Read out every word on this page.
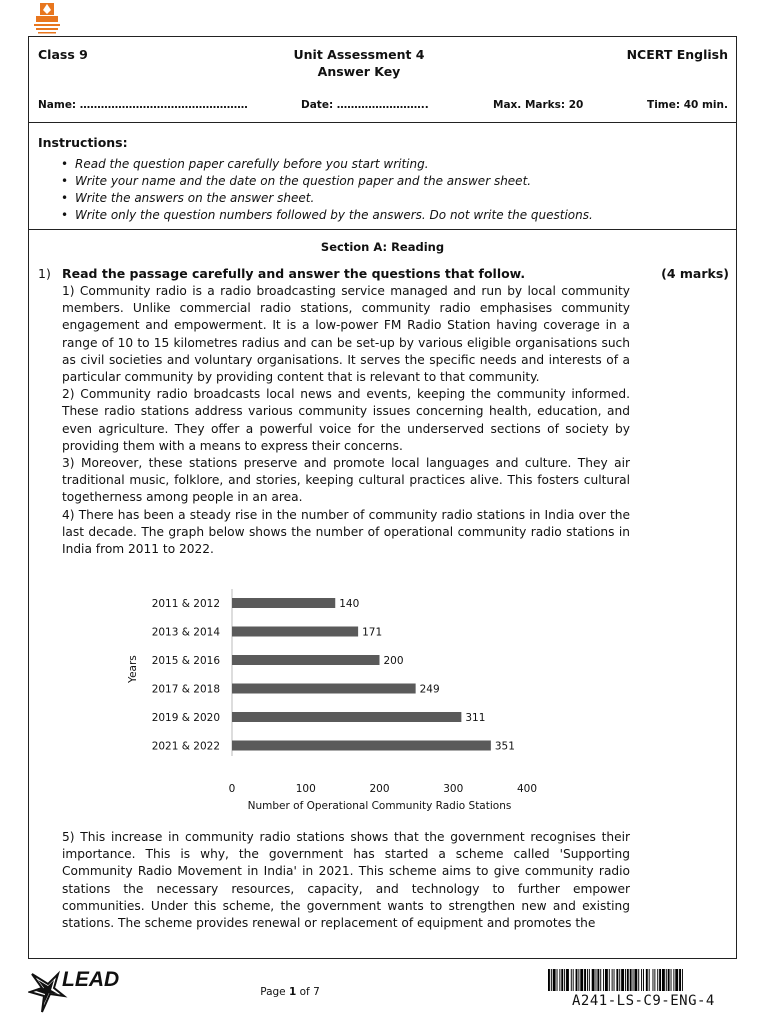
Class 9	Unit Assessment 4
Answer Key
NCERT English
Name: …………………………………………	Date: ……………………..	Max. Marks: 20	Time: 40 min.
Instructions:
• Read the question paper carefully before you start writing.
• Write your name and the date on the question paper and the answer sheet.
• Write the answers on the answer sheet.
• Write only the question numbers followed by the answers. Do not write the questions.
Section A: Reading
1) Read the passage carefully and answer the questions that follow.	(4 marks)

1) Community radio is a radio broadcasting service managed and run by local community members. Unlike commercial radio stations, community radio emphasises community engagement and empowerment. It is a low-power FM Radio Station having coverage in a range of 10 to 15 kilometres radius and can be set-up by various eligible organisations such as civil societies and voluntary organisations. It serves the specific needs and interests of a particular community by providing content that is relevant to that community.

2) Community radio broadcasts local news and events, keeping the community informed. These radio stations address various community issues concerning health, education, and even agriculture. They offer a powerful voice for the underserved sections of society by providing them with a means to express their concerns.

3) Moreover, these stations preserve and promote local languages and culture. They air traditional music, folklore, and stories, keeping cultural practices alive. This fosters cultural togetherness among people in an area.

4) There has been a steady rise in the number of community radio stations in India over the last decade. The graph below shows the number of operational community radio stations in India from 2011 to 2022.

2011 & 2012	140
2013 & 2014	171
2015 & 2016	200
2017 & 2018	249
2019 & 2020	311
2021 & 2022	351
0	100	200	300	400
Number of Operational Community Radio Stations
Years

5) This increase in community radio stations shows that the government recognises their importance. This is why, the government has started a scheme called 'Supporting Community Radio Movement in India' in 2021. This scheme aims to give community radio stations the necessary resources, capacity, and technology to further empower communities. Under this scheme, the government wants to strengthen new and existing stations. The scheme provides renewal or replacement of equipment and promotes the

LEAD
Page 1 of 7
A241-LS-C9-ENG-4
